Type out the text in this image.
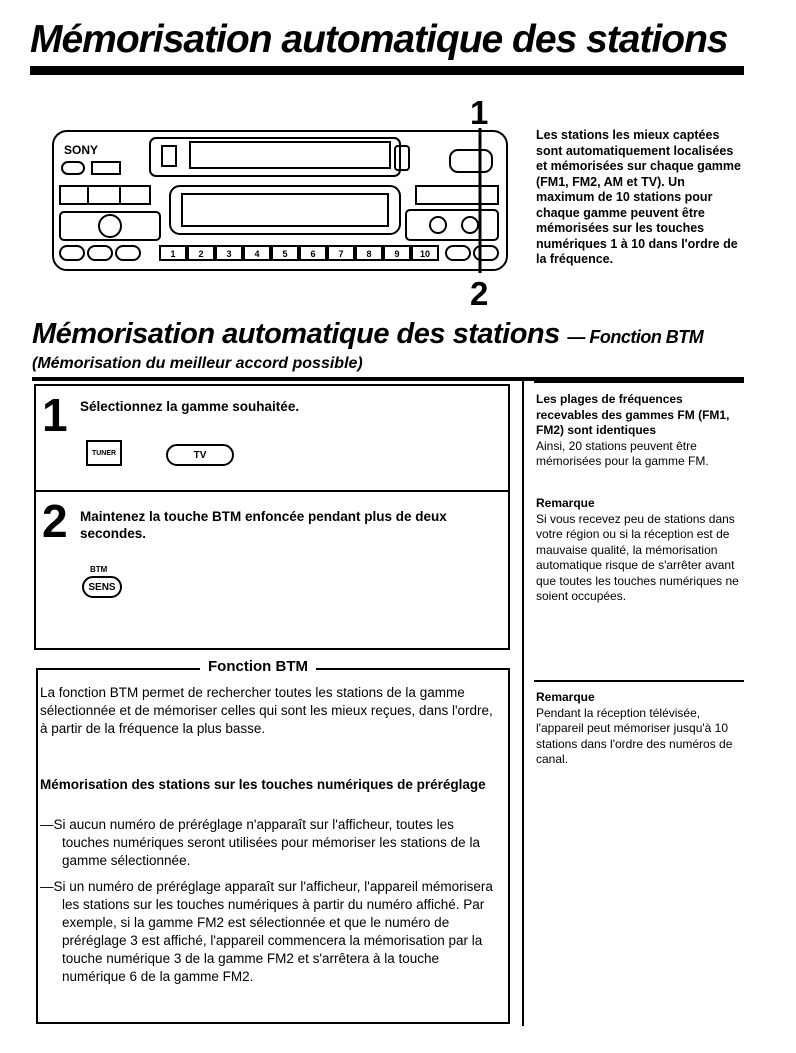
Mémorisation automatique des stations
SONY
1	2	3	4	5	6	7	8	9 10
1
2
Les stations les mieux captées sont automatiquement localisées et mémorisées sur chaque gamme (FM1, FM2, AM et TV). Un maximum de 10 stations pour chaque gamme peuvent être mémorisées sur les touches numériques 1 à 10 dans l'ordre de la fréquence.
Mémorisation automatique des stations — Fonction BTM
(Mémorisation du meilleur accord possible)
1 Sélectionnez la gamme souhaitée.
TUNER	TV
2 Maintenez la touche BTM enfoncée pendant plus de deux secondes.
BTM
SENS
Fonction BTM
La fonction BTM permet de rechercher toutes les stations de la gamme sélectionnée et de mémoriser celles qui sont les mieux reçues, dans l'ordre, à partir de la fréquence la plus basse.
Mémorisation des stations sur les touches numériques de préréglage
—Si aucun numéro de préréglage n'apparaît sur l'afficheur, toutes les touches numériques seront utilisées pour mémoriser les stations de la gamme sélectionnée.
—Si un numéro de préréglage apparaît sur l'afficheur, l'appareil mémorisera les stations sur les touches numériques à partir du numéro affiché. Par exemple, si la gamme FM2 est sélectionnée et que le numéro de préréglage 3 est affiché, l'appareil commencera la mémorisation par la touche numérique 3 de la gamme FM2 et s'arrêtera à la touche numérique 6 de la gamme FM2.
Les plages de fréquences recevables des gammes FM (FM1, FM2) sont identiques
Ainsi, 20 stations peuvent être mémorisées pour la gamme FM.
Remarque
Si vous recevez peu de stations dans votre région ou si la réception est de mauvaise qualité, la mémorisation automatique risque de s'arrêter avant que toutes les touches numériques ne soient occupées.
Remarque
Pendant la réception télévisée, l'appareil peut mémoriser jusqu'à 10 stations dans l'ordre des numéros de canal.
